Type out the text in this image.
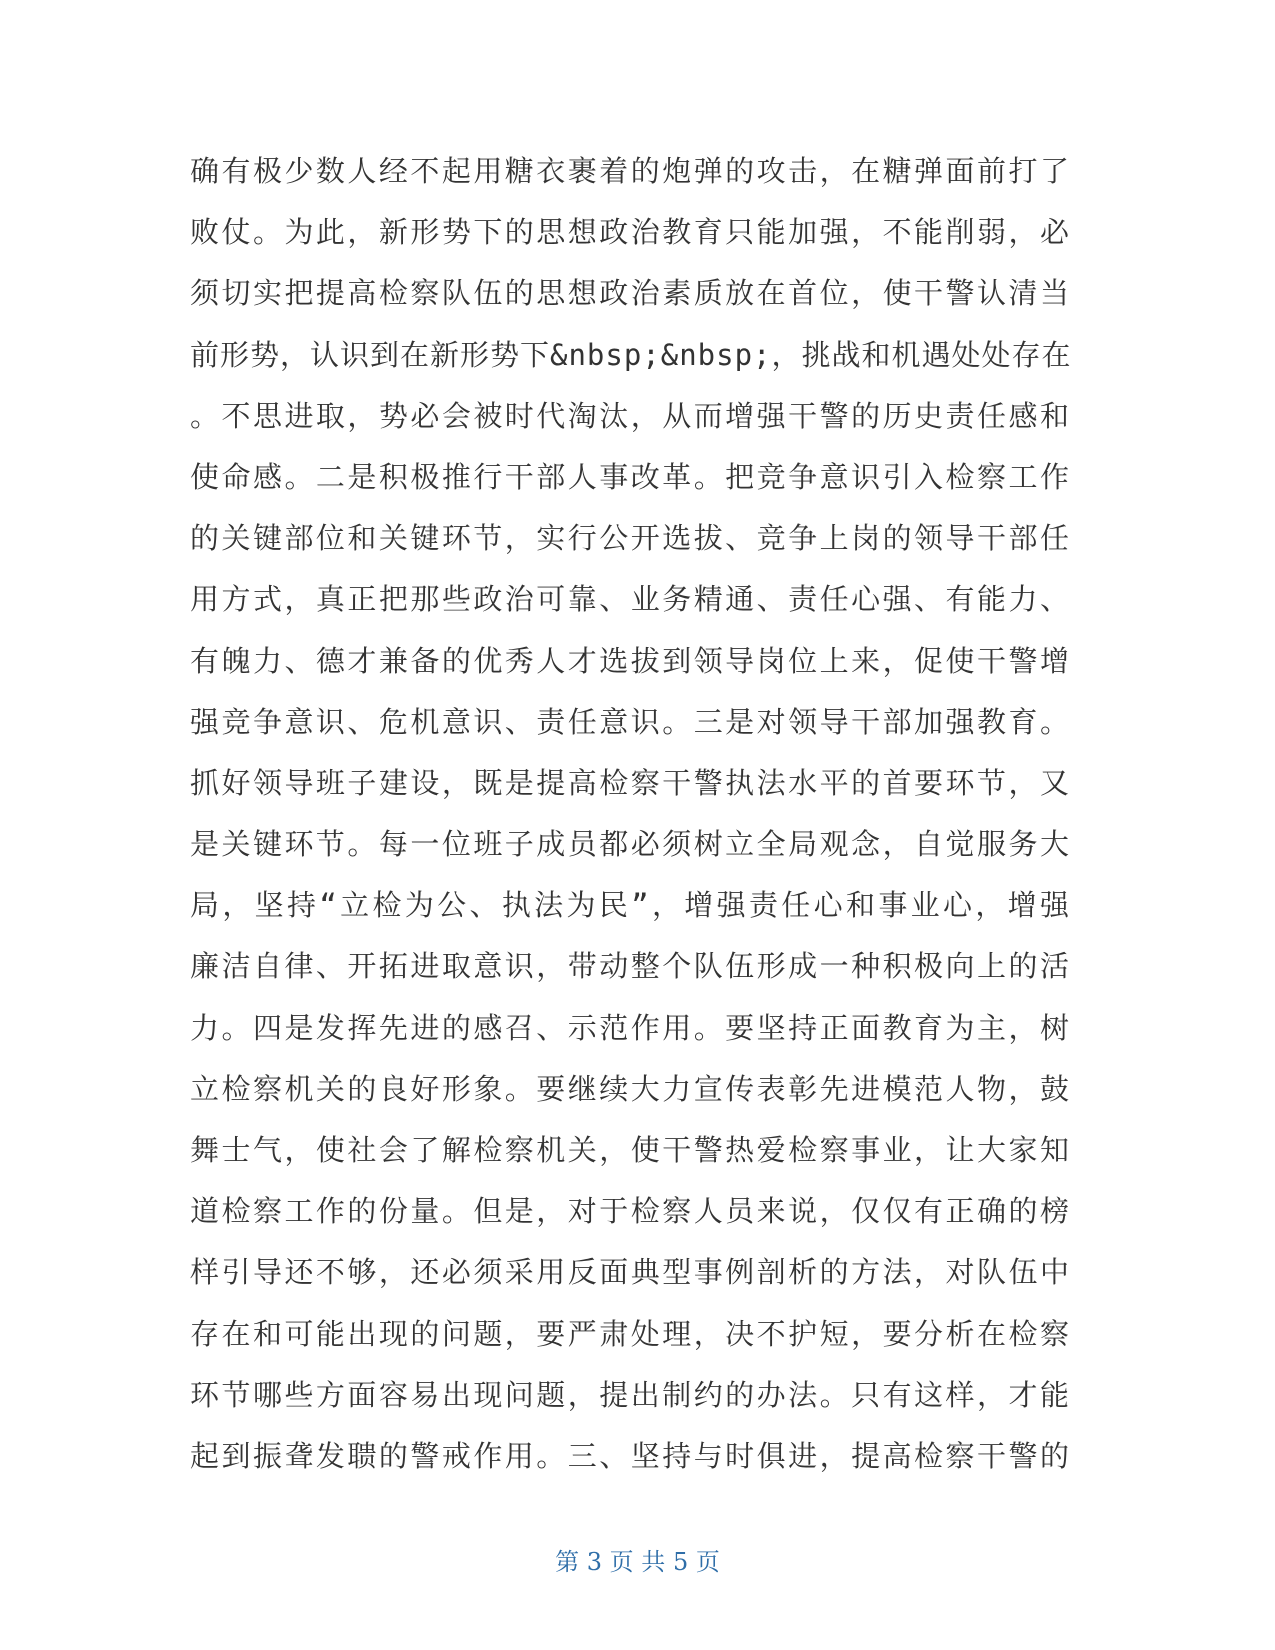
确有极少数人经不起用糖衣裹着的炮弹的攻击，在糖弹面前打了
败仗。为此，新形势下的思想政治教育只能加强，不能削弱，必
须切实把提高检察队伍的思想政治素质放在首位，使干警认清当
前形势，认识到在新形势下&nbsp;&nbsp;，挑战和机遇处处存在
。不思进取，势必会被时代淘汰，从而增强干警的历史责任感和
使命感。二是积极推行干部人事改革。把竞争意识引入检察工作
的关键部位和关键环节，实行公开选拔、竞争上岗的领导干部任
用方式，真正把那些政治可靠、业务精通、责任心强、有能力、
有魄力、德才兼备的优秀人才选拔到领导岗位上来，促使干警增
强竞争意识、危机意识、责任意识。三是对领导干部加强教育。
抓好领导班子建设，既是提高检察干警执法水平的首要环节，又
是关键环节。每一位班子成员都必须树立全局观念，自觉服务大
局，坚持“立检为公、执法为民”，增强责任心和事业心，增强
廉洁自律、开拓进取意识，带动整个队伍形成一种积极向上的活
力。四是发挥先进的感召、示范作用。要坚持正面教育为主，树
立检察机关的良好形象。要继续大力宣传表彰先进模范人物，鼓
舞士气，使社会了解检察机关，使干警热爱检察事业，让大家知
道检察工作的份量。但是，对于检察人员来说，仅仅有正确的榜
样引导还不够，还必须采用反面典型事例剖析的方法，对队伍中
存在和可能出现的问题，要严肃处理，决不护短，要分析在检察
环节哪些方面容易出现问题，提出制约的办法。只有这样，才能
起到振聋发聩的警戒作用。三、坚持与时俱进，提高检察干警的
第 3 页 共 5 页
